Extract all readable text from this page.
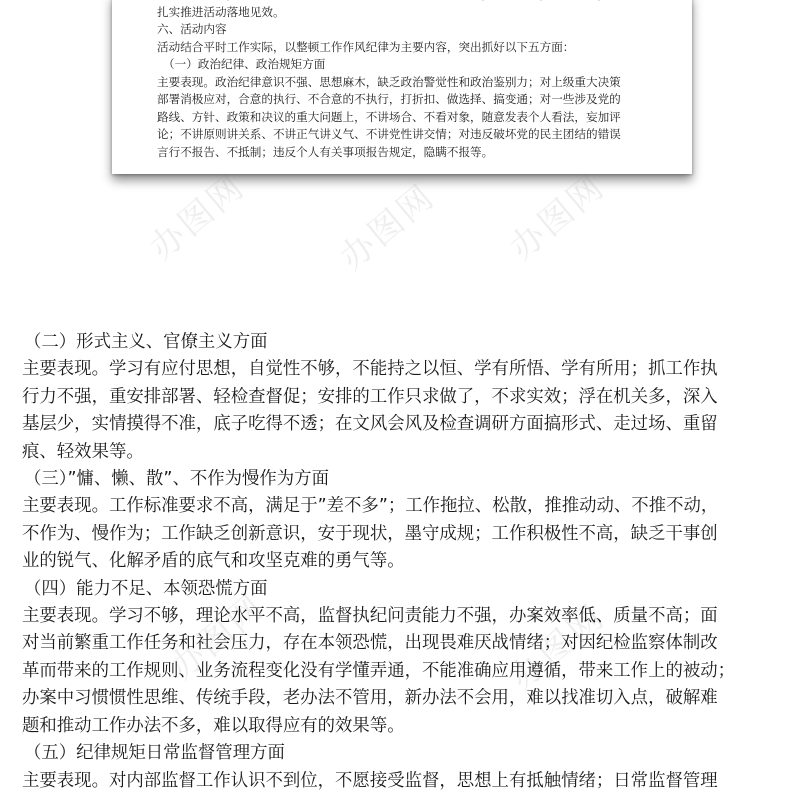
扎实推进活动落地见效。
六、活动内容
活动结合平时工作实际，以整顿工作作风纪律为主要内容，突出抓好以下五方面：
（一）政治纪律、政治规矩方面
主要表现。政治纪律意识不强、思想麻木，缺乏政治警觉性和政治鉴别力；对上级重大决策
部署消极应对，合意的执行、不合意的不执行，打折扣、做选择、搞变通；对一些涉及党的
路线、方针、政策和决议的重大问题上，不讲场合、不看对象，随意发表个人看法，妄加评
论；不讲原则讲关系、不讲正气讲义气、不讲党性讲交情；对违反破坏党的民主团结的错误
言行不报告、不抵制；违反个人有关事项报告规定，隐瞒不报等。
办图网 办图网 办图网
办图网	办图网
（二）形式主义、官僚主义方面
主要表现。学习有应付思想，自觉性不够，不能持之以恒、学有所悟、学有所用；抓工作执
行力不强，重安排部署、轻检查督促；安排的工作只求做了，不求实效；浮在机关多，深入
基层少，实情摸得不准，底子吃得不透；在文风会风及检查调研方面搞形式、走过场、重留
痕、轻效果等。
（三）”慵、懒、散”、不作为慢作为方面
主要表现。工作标准要求不高，满足于”差不多”；工作拖拉、松散，推推动动、不推不动，
不作为、慢作为；工作缺乏创新意识，安于现状，墨守成规；工作积极性不高，缺乏干事创
业的锐气、化解矛盾的底气和攻坚克难的勇气等。
（四）能力不足、本领恐慌方面
主要表现。学习不够，理论水平不高，监督执纪问责能力不强，办案效率低、质量不高；面
对当前繁重工作任务和社会压力，存在本领恐慌，出现畏难厌战情绪；对因纪检监察体制改
革而带来的工作规则、业务流程变化没有学懂弄通，不能准确应用遵循，带来工作上的被动；
办案中习惯惯性思维、传统手段，老办法不管用，新办法不会用，难以找准切入点，破解难
题和推动工作办法不多，难以取得应有的效果等。
（五）纪律规矩日常监督管理方面
主要表现。对内部监督工作认识不到位，不愿接受监督，思想上有抵触情绪；日常监督管理
